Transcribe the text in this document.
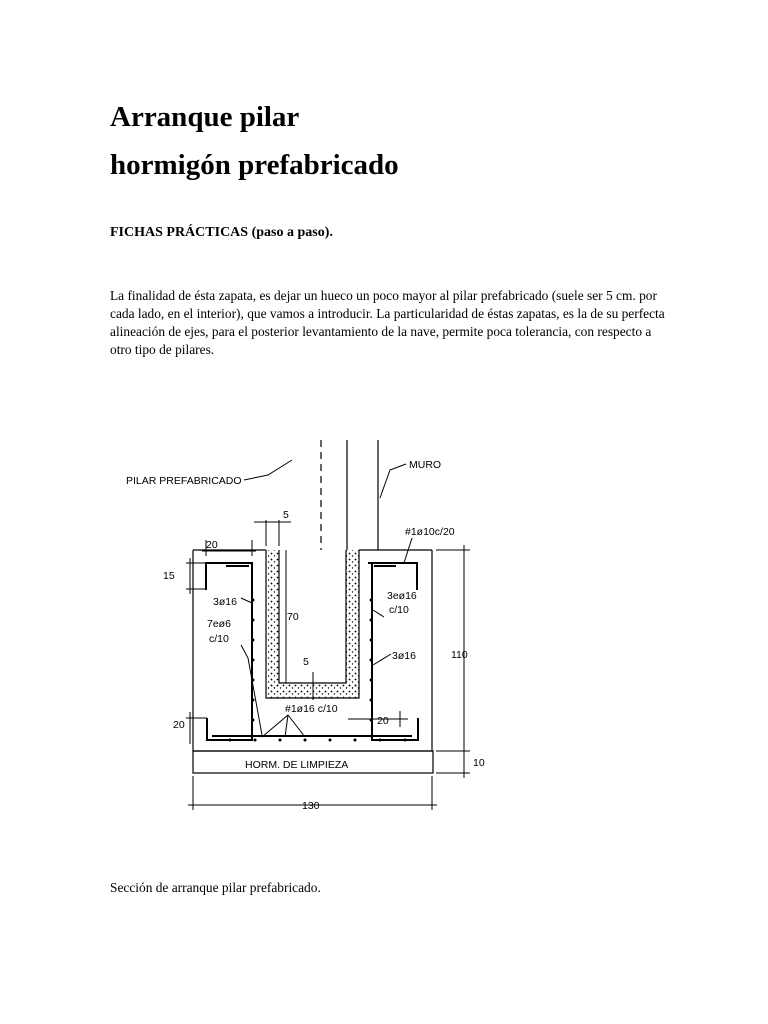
Arranque pilar
hormigón prefabricado

FICHAS PRÁCTICAS (paso a paso).

La finalidad de ésta zapata, es dejar un hueco un poco mayor al pilar prefabricado (suele ser 5 cm. por cada lado, en el interior), que vamos a introducir. La particularidad de éstas zapatas, es la de su perfecta alineación de ejes, para el posterior levantamiento de la nave, permite poca tolerancia, con respecto a otro tipo de pilares.

PILAR PREFABRICADO
MURO
#1ø10c/20
3ø16
7eø6
c/10
3eø16
c/10
3ø16
#1ø16 c/10
HORM. DE LIMPIEZA
5
20
15
70
5
20	20
110
10
130

Sección de arranque pilar prefabricado.
